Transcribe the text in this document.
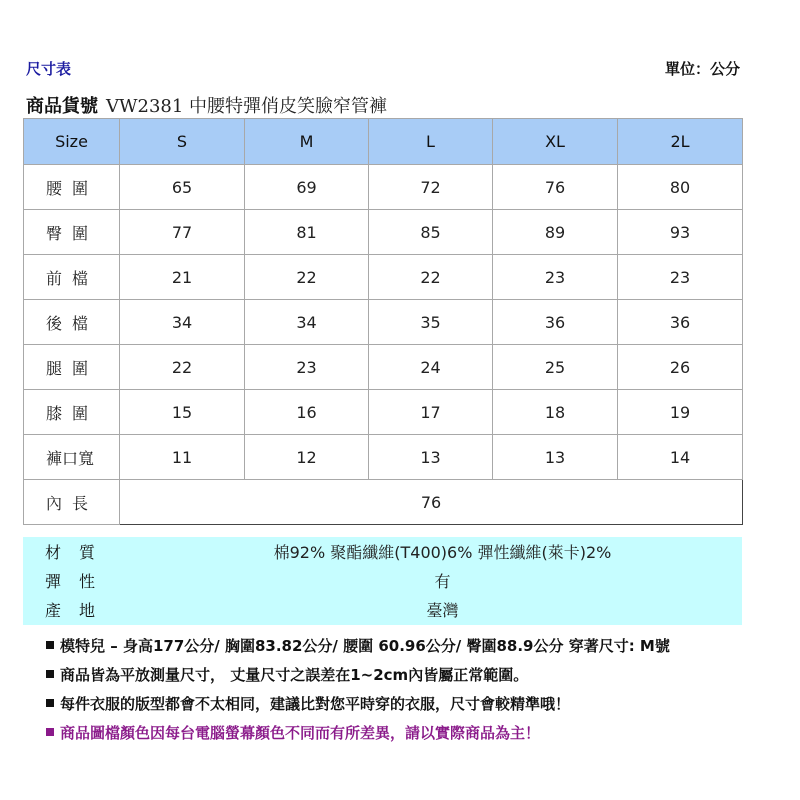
尺寸表	單位：公分
商品貨號 VW2381 中腰特彈俏皮笑臉窄管褲
Size	S	M	L	XL	2L
腰圍	65	69	72	76	80
臀圍	77	81	85	89	93
前檔	21	22	22	23	23
後檔	34	34	35	36	36
腿圍	22	23	24	25	26
膝圍	15	16	17	18	19
褲口寬	11	12	13	13	14
內長	76				
材質	棉92% 聚酯纖維(T400)6% 彈性纖維(萊卡)2%
彈性	有
產地	臺灣
模特兒 – 身高177公分/ 胸圍83.82公分/ 腰圍 60.96公分/ 臀圍88.9公分 穿著尺寸: M號
商品皆為平放測量尺寸， 丈量尺寸之誤差在1~2cm內皆屬正常範圍。
每件衣服的版型都會不太相同，建議比對您平時穿的衣服，尺寸會較精準哦！
商品圖檔顏色因每台電腦螢幕顏色不同而有所差異，請以實際商品為主！
